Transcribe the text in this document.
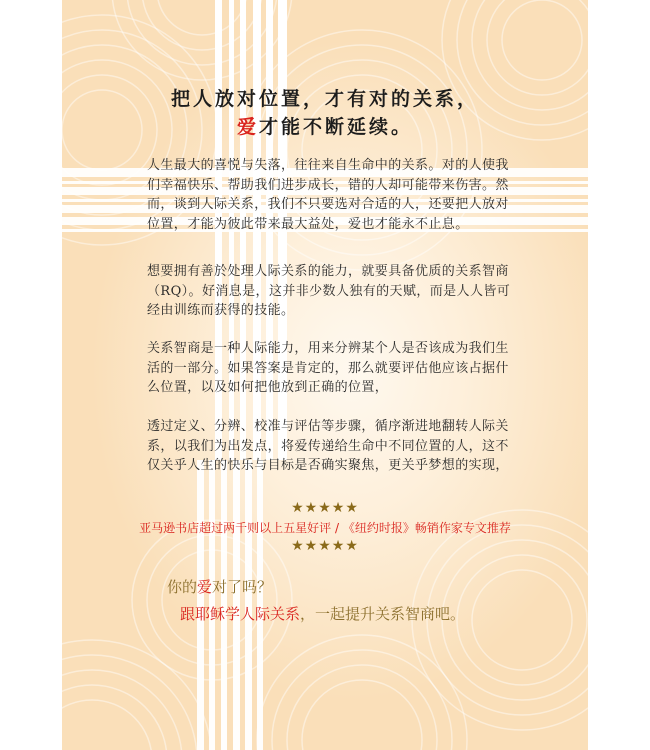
把人放对位置，才有对的关系，
爱才能不断延续。
人生最大的喜悦与失落，往往来自生命中的关系。对的人使我们幸福快乐、帮助我们进步成长，错的人却可能带来伤害。然而，谈到人际关系，我们不只要选对合适的人，还要把人放对位置，才能为彼此带来最大益处，爱也才能永不止息。
想要拥有善於处理人际关系的能力，就要具备优质的关系智商（RQ）。好消息是，这并非少数人独有的天赋，而是人人皆可经由训练而获得的技能。
关系智商是一种人际能力，用来分辨某个人是否该成为我们生活的一部分。如果答案是肯定的，那么就要评估他应该占据什么位置，以及如何把他放到正确的位置，
透过定义、分辨、校准与评估等步骤，循序渐进地翻转人际关系，以我们为出发点，将爱传递给生命中不同位置的人，这不仅关乎人生的快乐与目标是否确实聚焦，更关乎梦想的实现，
★★★★★
亚马逊书店超过两千则以上五星好评 / 《纽约时报》畅销作家专文推荐
★★★★★
你的爱对了吗？
跟耶稣学人际关系，一起提升关系智商吧。
